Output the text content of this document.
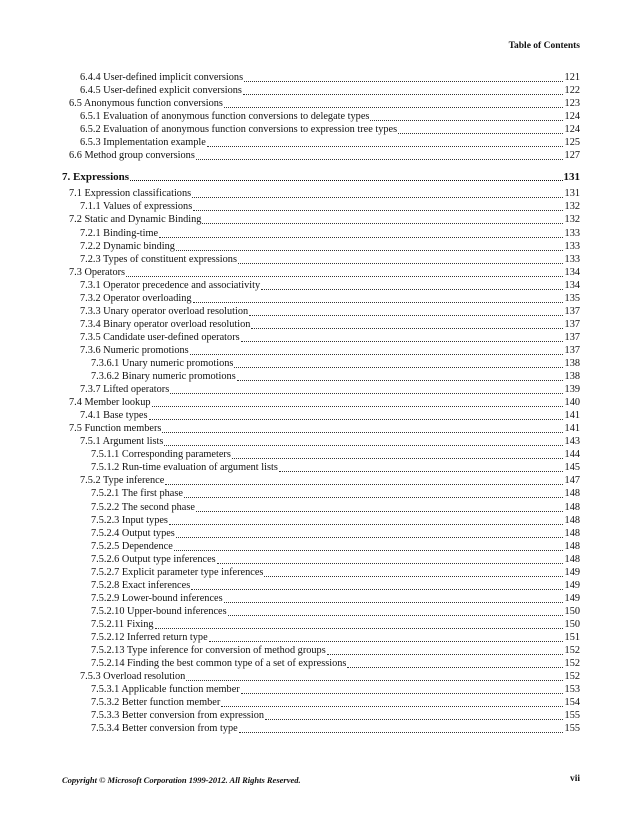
Table of Contents
6.4.4 User-defined implicit conversions	121
6.4.5 User-defined explicit conversions	122
6.5 Anonymous function conversions	123
6.5.1 Evaluation of anonymous function conversions to delegate types	124
6.5.2 Evaluation of anonymous function conversions to expression tree types	124
6.5.3 Implementation example	125
6.6 Method group conversions	127
7. Expressions	131
7.1 Expression classifications	131
7.1.1 Values of expressions	132
7.2 Static and Dynamic Binding	132
7.2.1 Binding-time	133
7.2.2 Dynamic binding	133
7.2.3 Types of constituent expressions	133
7.3 Operators	134
7.3.1 Operator precedence and associativity	134
7.3.2 Operator overloading	135
7.3.3 Unary operator overload resolution	137
7.3.4 Binary operator overload resolution	137
7.3.5 Candidate user-defined operators	137
7.3.6 Numeric promotions	137
7.3.6.1 Unary numeric promotions	138
7.3.6.2 Binary numeric promotions	138
7.3.7 Lifted operators	139
7.4 Member lookup	140
7.4.1 Base types	141
7.5 Function members	141
7.5.1 Argument lists	143
7.5.1.1 Corresponding parameters	144
7.5.1.2 Run-time evaluation of argument lists	145
7.5.2 Type inference	147
7.5.2.1 The first phase	148
7.5.2.2 The second phase	148
7.5.2.3 Input types	148
7.5.2.4 Output types	148
7.5.2.5 Dependence	148
7.5.2.6 Output type inferences	148
7.5.2.7 Explicit parameter type inferences	149
7.5.2.8 Exact inferences	149
7.5.2.9 Lower-bound inferences	149
7.5.2.10 Upper-bound inferences	150
7.5.2.11 Fixing	150
7.5.2.12 Inferred return type	151
7.5.2.13 Type inference for conversion of method groups	152
7.5.2.14 Finding the best common type of a set of expressions	152
7.5.3 Overload resolution	152
7.5.3.1 Applicable function member	153
7.5.3.2 Better function member	154
7.5.3.3 Better conversion from expression	155
7.5.3.4 Better conversion from type	155
Copyright © Microsoft Corporation 1999-2012. All Rights Reserved.	vii
